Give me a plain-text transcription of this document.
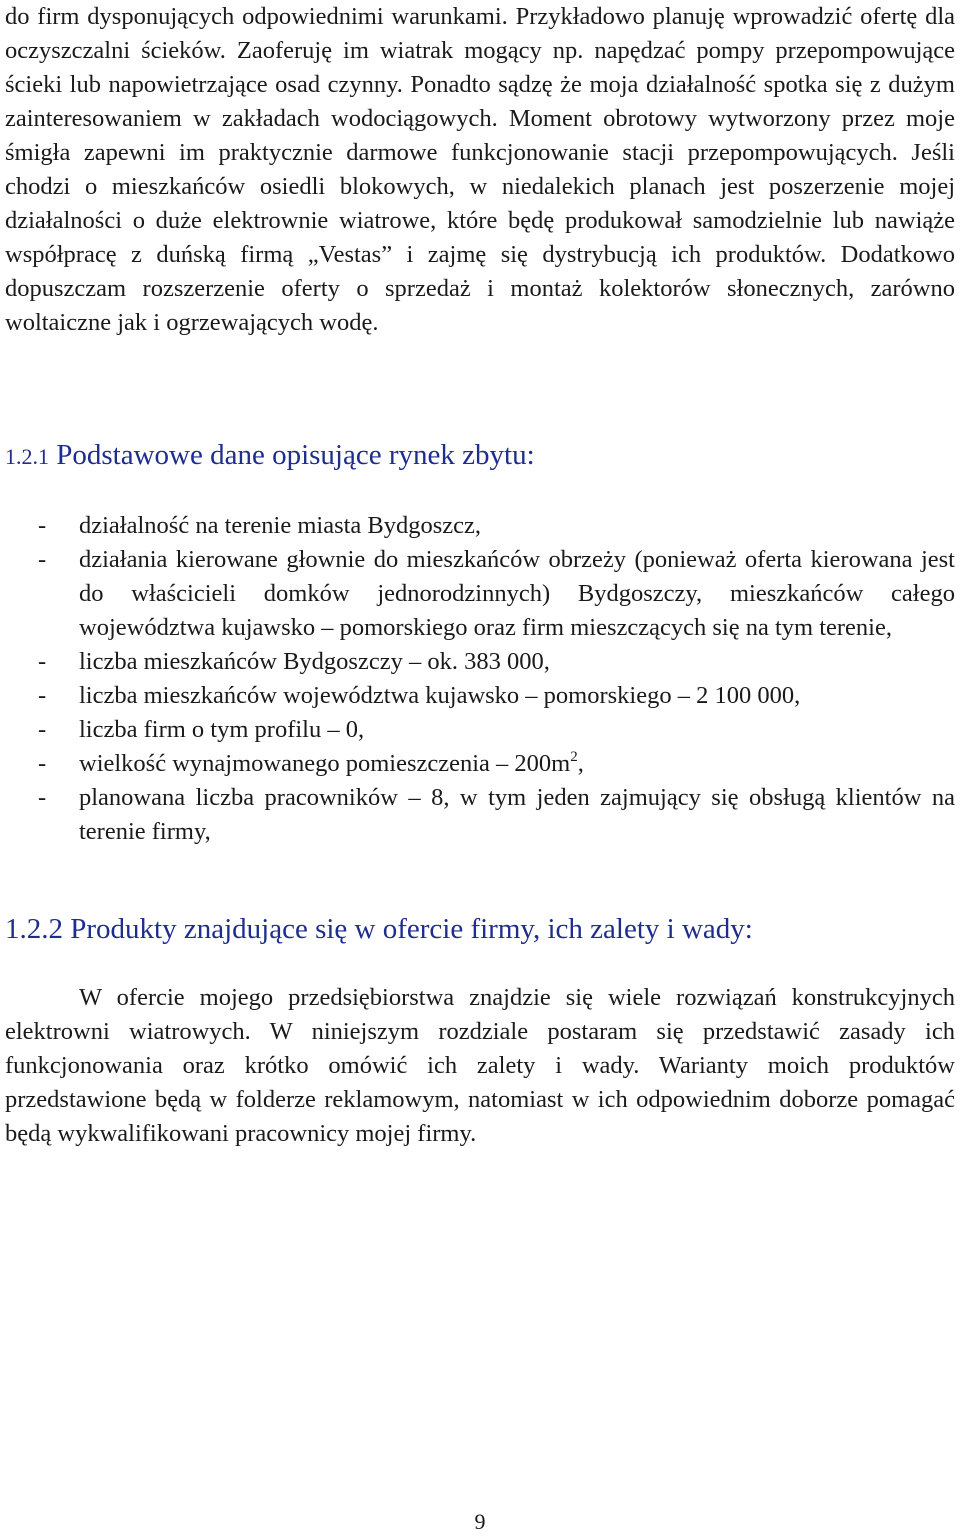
do firm dysponujących odpowiednimi warunkami. Przykładowo planuję wprowadzić ofertę dla oczyszczalni ścieków. Zaoferuję im wiatrak mogący np. napędzać pompy przepompowujące ścieki lub napowietrzające osad czynny. Ponadto sądzę że moja działalność spotka się z dużym zainteresowaniem w zakładach wodociągowych. Moment obrotowy wytworzony przez moje śmigła zapewni im praktycznie darmowe funkcjonowanie stacji przepompowujących. Jeśli chodzi o mieszkańców osiedli blokowych, w niedalekich planach jest poszerzenie mojej działalności o duże elektrownie wiatrowe, które będę produkował samodzielnie lub nawiąże współpracę z duńską firmą „Vestas” i zajmę się dystrybucją ich produktów. Dodatkowo dopuszczam rozszerzenie oferty o sprzedaż i montaż kolektorów słonecznych, zarówno woltaiczne jak i ogrzewających wodę.

1.2.1 Podstawowe dane opisujące rynek zbytu:
- działalność na terenie miasta Bydgoszcz,
- działania kierowane głownie do mieszkańców obrzeży (ponieważ oferta kierowana jest do właścicieli domków jednorodzinnych) Bydgoszczy, mieszkańców całego województwa kujawsko – pomorskiego oraz firm mieszczących się na tym terenie,
- liczba mieszkańców Bydgoszczy – ok. 383 000,
- liczba mieszkańców województwa kujawsko – pomorskiego – 2 100 000,
- liczba firm o tym profilu – 0,
- wielkość wynajmowanego pomieszczenia – $200m^2$,
- planowana liczba pracowników – 8, w tym jeden zajmujący się obsługą klientów na terenie firmy,
1.2.2 Produkty znajdujące się w ofercie firmy, ich zalety i wady:

W ofercie mojego przedsiębiorstwa znajdzie się wiele rozwiązań konstrukcyjnych elektrowni wiatrowych. W niniejszym rozdziale postaram się przedstawić zasady ich funkcjonowania oraz krótko omówić ich zalety i wady. Warianty moich produktów przedstawione będą w folderze reklamowym, natomiast w ich odpowiednim doborze pomagać będą wykwalifikowani pracownicy mojej firmy.

9
